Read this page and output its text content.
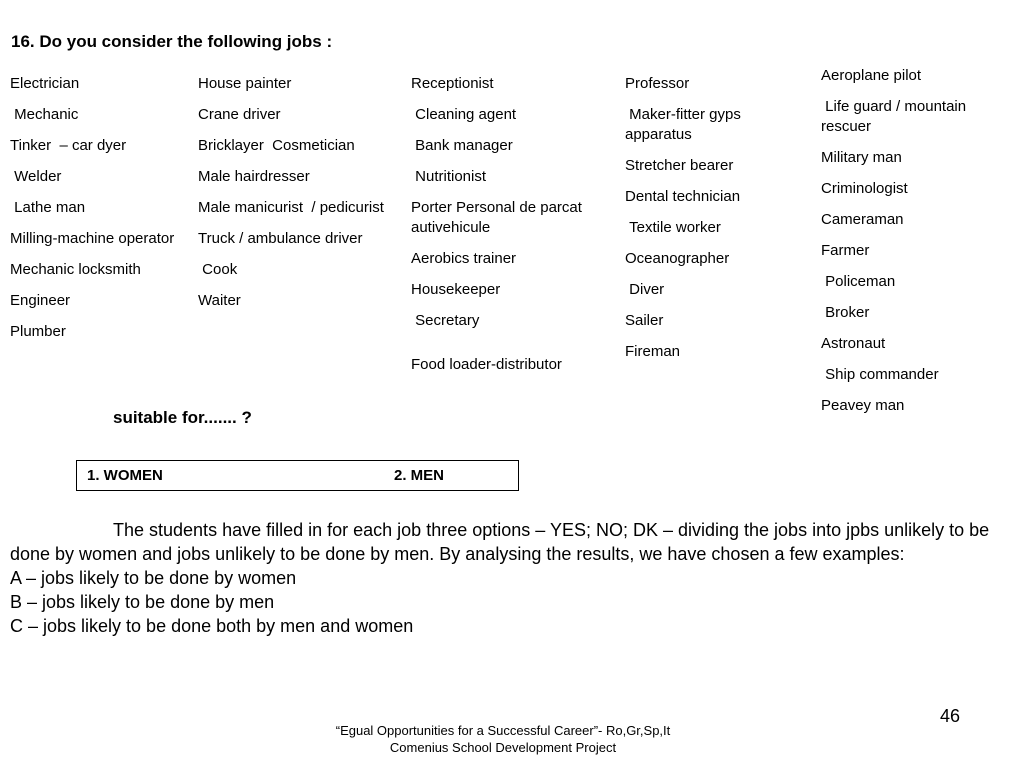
16. Do you consider the following jobs :
Electrician
Mechanic
Tinker  – car dyer
Welder
Lathe man
Milling-machine operator
Mechanic locksmith
Engineer
Plumber
House painter
Crane driver
Bricklayer  Cosmetician
Male hairdresser
Male manicurist  / pedicurist
Truck / ambulance driver
Cook
Waiter
Receptionist
Cleaning agent
Bank manager
Nutritionist
Porter Personal de parcat autivehicule
Aerobics trainer
Housekeeper
Secretary
Food loader-distributor
Professor
Maker-fitter gyps apparatus
Stretcher bearer
Dental technician
Textile worker
Oceanographer
Diver
Sailer
Fireman
Aeroplane pilot
Life guard / mountain rescuer
Military man
Criminologist
Cameraman
Farmer
Policeman
Broker
Astronaut
Ship commander
Peavey man
suitable for....... ?
1. WOMEN	2. MEN
The students have filled in for each job three options – YES; NO; DK – dividing the jobs into jpbs unlikely to be done by women and jobs unlikely to be done by men. By analysing the results, we have chosen a few examples:
A – jobs likely to be done by women
B – jobs likely to be done by men
C – jobs likely to be done both by men and women
46
“Egual Opportunities for a Successful Career”- Ro,Gr,Sp,It
Comenius School Development Project
